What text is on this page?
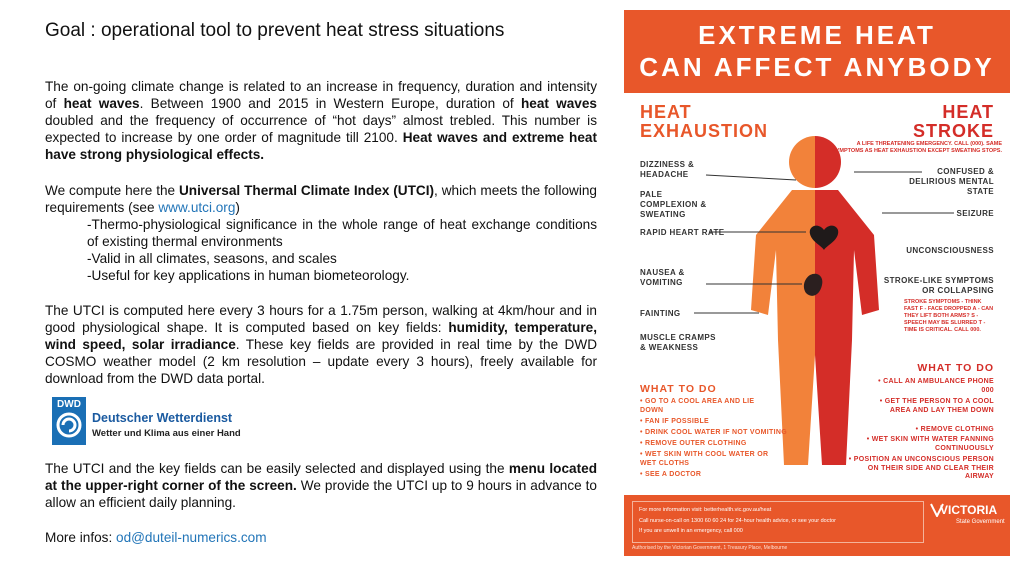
Goal : operational tool to prevent heat stress situations
The on-going climate change is related to an increase in frequency, duration and intensity of heat waves. Between 1900 and 2015 in Western Europe, duration of heat waves doubled and the frequency of occurrence of “hot days” almost trebled. This number is expected to increase by one order of magnitude till 2100. Heat waves and extreme heat have strong physiological effects.
We compute here the Universal Thermal Climate Index (UTCI), which meets the following requirements (see www.utci.org)
-Thermo-physiological significance in the whole range of heat exchange conditions of existing thermal environments
-Valid in all climates, seasons, and scales
-Useful for key applications in human biometeorology.
The UTCI is computed here every 3 hours for a 1.75m person, walking at 4km/hour and in good physiological shape. It is computed based on key fields: humidity, temperature, wind speed, solar irradiance. These key fields are provided in real time by the DWD COSMO weather model (2 km resolution – update every 3 hours), freely available for download from the DWD data portal.
DWD
Deutscher Wetterdienst
Wetter und Klima aus einer Hand
The UTCI and the key fields can be easily selected and displayed using the menu located at the upper-right corner of the screen. We provide the UTCI up to 9 hours in advance to allow an efficient daily planning.
More infos: od@duteil-numerics.com
EXTREME HEAT
CAN AFFECT ANYBODY
HEAT
EXHAUSTION
HEAT
STROKE
A LIFE THREATENING EMERGENCY. CALL (000). SAME SYMPTOMS AS HEAT EXHAUSTION EXCEPT SWEATING STOPS.
DIZZINESS & HEADACHE
PALE COMPLEXION & SWEATING
RAPID HEART RATE
NAUSEA & VOMITING
FAINTING
MUSCLE CRAMPS & WEAKNESS
CONFUSED & DELIRIOUS MENTAL STATE
SEIZURE
UNCONSCIOUSNESS
STROKE-LIKE SYMPTOMS OR COLLAPSING
STROKE SYMPTOMS - THINK FAST F - FACE DROPPED A - CAN THEY LIFT BOTH ARMS? S - SPEECH MAY BE SLURRED T - TIME IS CRITICAL. CALL 000.
WHAT TO DO
• GO TO A COOL AREA AND LIE DOWN
• FAN IF POSSIBLE
• DRINK COOL WATER IF NOT VOMITING
• REMOVE OUTER CLOTHING
• WET SKIN WITH COOL WATER OR WET CLOTHS
• SEE A DOCTOR
WHAT TO DO
• CALL AN AMBULANCE PHONE 000
• GET THE PERSON TO A COOL AREA AND LAY THEM DOWN
• REMOVE CLOTHING
• WET SKIN WITH WATER FANNING CONTINUOUSLY
• POSITION AN UNCONSCIOUS PERSON ON THEIR SIDE AND CLEAR THEIR AIRWAY
For more information visit: betterhealth.vic.gov.au/heat
Call nurse-on-call on 1300 60 60 24 for 24-hour health advice, or see your doctor
If you are unwell in an emergency, call 000
Authorised by the Victorian Government, 1 Treasury Place, Melbourne
VICTORIA
State Government
